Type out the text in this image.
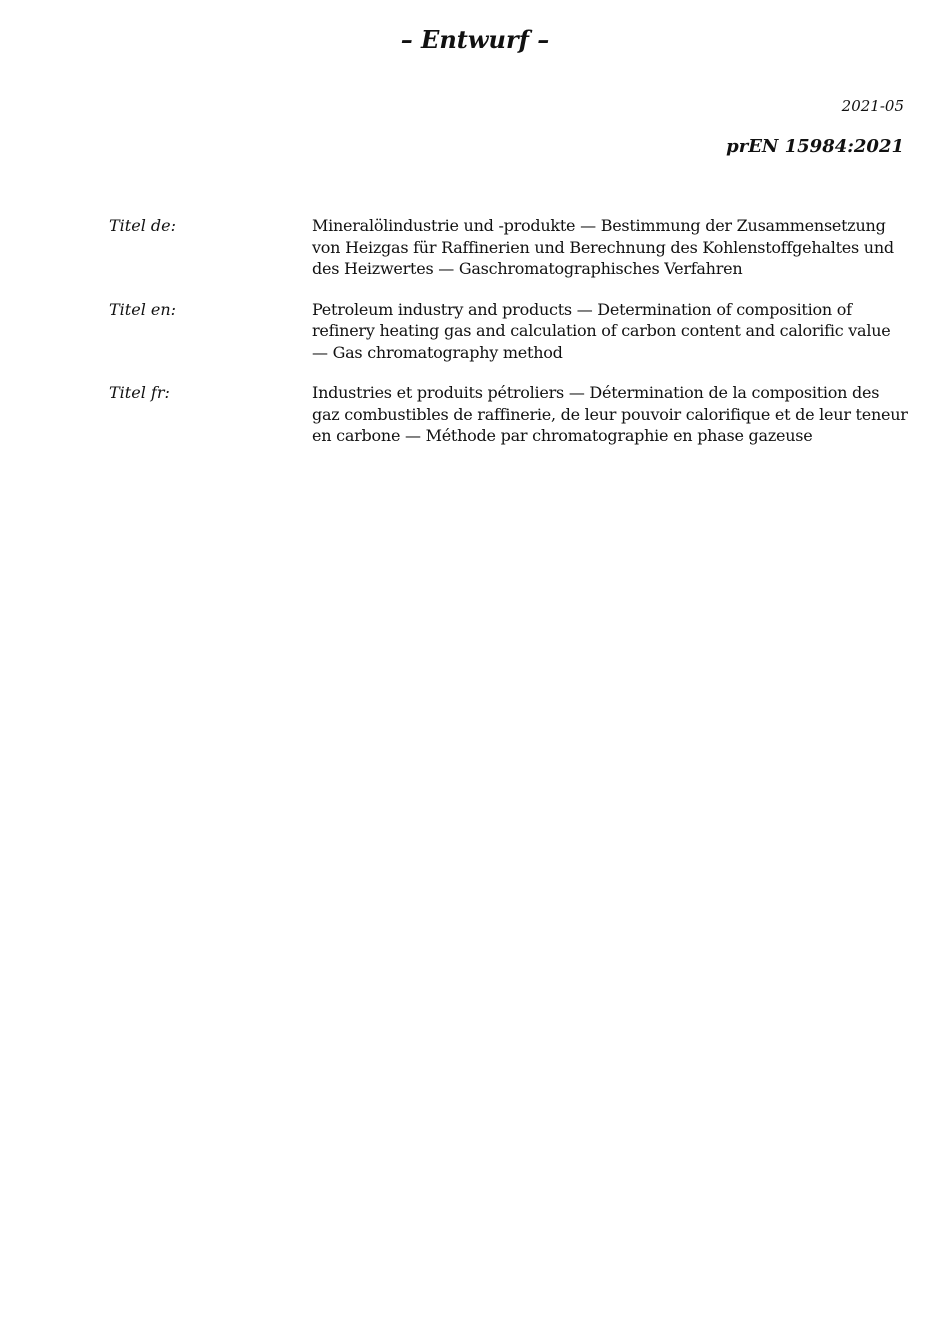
– Entwurf –
2021-05
prEN 15984:2021
Titel de:	Mineralölindustrie und -produkte — Bestimmung der Zusammensetzung von Heizgas für Raffinerien und Berechnung des Kohlenstoffgehaltes und des Heizwertes — Gaschromatographisches Verfahren
Titel en:	Petroleum industry and products — Determination of composition of refinery heating gas and calculation of carbon content and calorific value — Gas chromatography method
Titel fr:	Industries et produits pétroliers — Détermination de la composition des gaz combustibles de raffinerie, de leur pouvoir calorifique et de leur teneur en carbone — Méthode par chromatographie en phase gazeuse
